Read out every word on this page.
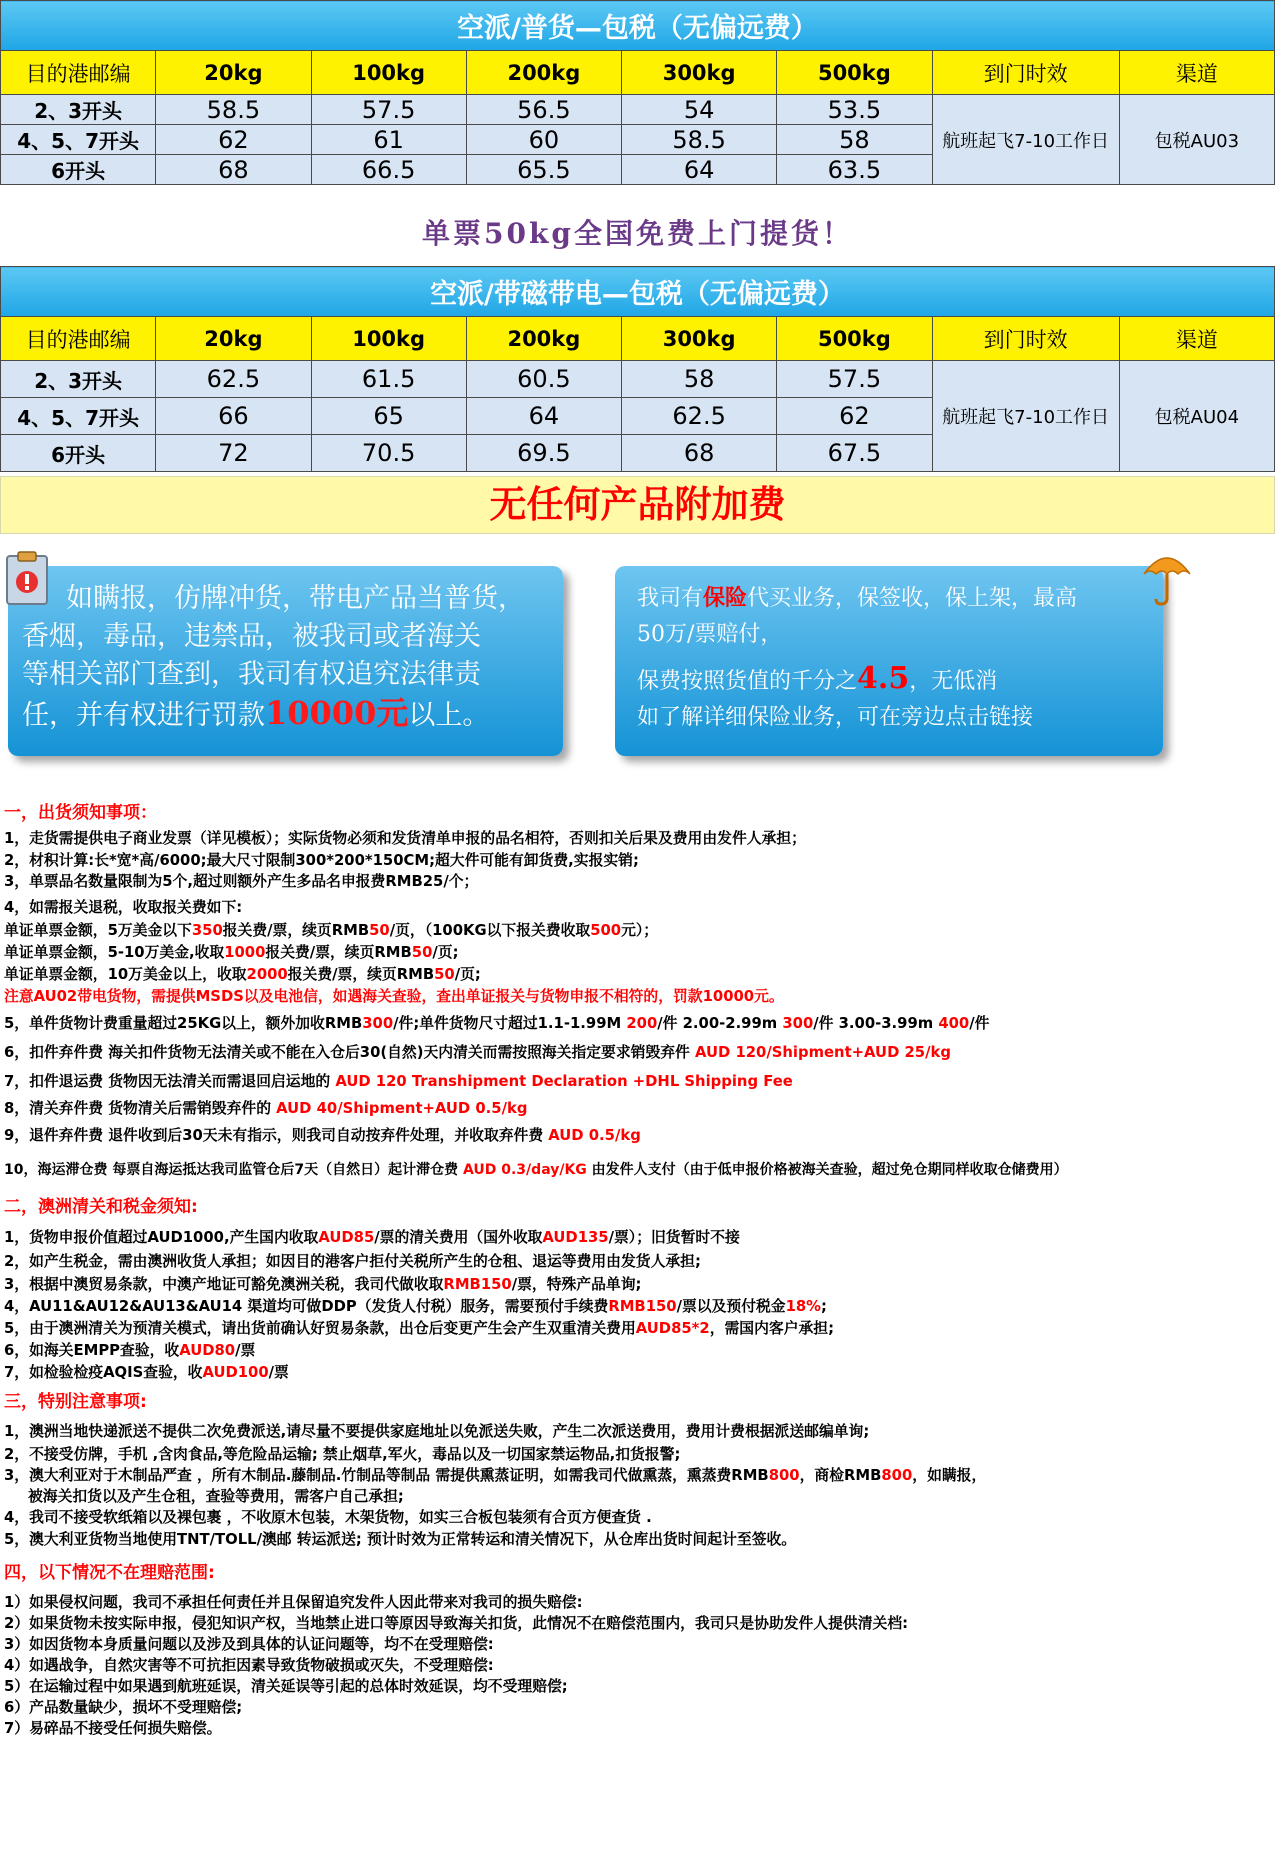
空派/普货—包税（无偏远费）							
目的港邮编	20kg	100kg	200kg	300kg	500kg	到门时效	渠道
2、3开头	58.5	57.5	56.5	54	53.5	航班起飞7-10工作日	包税AU03
4、5、7开头	62	61	60	58.5	58		
6开头	68	66.5	65.5	64	63.5		
单票50kg全国免费上门提货！
空派/带磁带电—包税（无偏远费）							
目的港邮编	20kg	100kg	200kg	300kg	500kg	到门时效	渠道
2、3开头	62.5	61.5	60.5	58	57.5	航班起飞7-10工作日	包税AU04
4、5、7开头	66	65	64	62.5	62		
6开头	72	70.5	69.5	68	67.5		
无任何产品附加费
如瞒报，仿牌冲货，带电产品当普货，
香烟，毒品，违禁品，被我司或者海关
等相关部门查到，我司有权追究法律责
任，并有权进行罚款10000元以上。
我司有保险代买业务，保签收，保上架，最高
50万/票赔付，
保费按照货值的千分之4.5，无低消
如了解详细保险业务，可在旁边点击链接
一，出货须知事项：
1，走货需提供电子商业发票（详见模板）；实际货物必须和发货清单申报的品名相符，否则扣关后果及费用由发件人承担；
2，材积计算:长*宽*高/6000;最大尺寸限制300*200*150CM;超大件可能有卸货费,实报实销;
3，单票品名数量限制为5个,超过则额外产生多品名申报费RMB25/个；
4，如需报关退税，收取报关费如下:
单证单票金额，5万美金以下350报关费/票，续页RMB50/页，（100KG以下报关费收取500元）；
单证单票金额，5-10万美金,收取1000报关费/票，续页RMB50/页;
单证单票金额，10万美金以上，收取2000报关费/票，续页RMB50/页;
注意AU02带电货物，需提供MSDS以及电池信，如遇海关查验，查出单证报关与货物申报不相符的，罚款10000元。
5，单件货物计费重量超过25KG以上，额外加收RMB300/件;单件货物尺寸超过1.1-1.99M 200/件 2.00-2.99m 300/件 3.00-3.99m 400/件
6，扣件弃件费 海关扣件货物无法清关或不能在入仓后30(自然)天内清关而需按照海关指定要求销毁弃件 AUD 120/Shipment+AUD 25/kg
7，扣件退运费 货物因无法清关而需退回启运地的 AUD 120 Transhipment Declaration +DHL Shipping Fee
8，清关弃件费 货物清关后需销毁弃件的 AUD 40/Shipment+AUD 0.5/kg
9，退件弃件费 退件收到后30天未有指示，则我司自动按弃件处理，并收取弃件费 AUD 0.5/kg
10，海运滞仓费 每票自海运抵达我司监管仓后7天（自然日）起计滞仓费 AUD 0.3/day/KG 由发件人支付（由于低申报价格被海关查验，超过免仓期同样收取仓储费用）
二，澳洲清关和税金须知:
1，货物申报价值超过AUD1000,产生国内收取AUD85/票的清关费用（国外收取AUD135/票）；旧货暂时不接
2，如产生税金，需由澳洲收货人承担；如因目的港客户拒付关税所产生的仓租、退运等费用由发货人承担;
3，根据中澳贸易条款，中澳产地证可豁免澳洲关税，我司代做收取RMB150/票，特殊产品单询;
4，AU11&AU12&AU13&AU14 渠道均可做DDP（发货人付税）服务，需要预付手续费RMB150/票以及预付税金18%;
5，由于澳洲清关为预清关模式，请出货前确认好贸易条款，出仓后变更产生会产生双重清关费用AUD85*2，需国内客户承担;
6，如海关EMPP查验，收AUD80/票
7，如检验检疫AQIS查验，收AUD100/票
三，特别注意事项:
1，澳洲当地快递派送不提供二次免费派送,请尽量不要提供家庭地址以免派送失败，产生二次派送费用，费用计费根据派送邮编单询;
2，不接受仿牌，手机 ,含肉食品,等危险品运输; 禁止烟草,军火，毒品以及一切国家禁运物品,扣货报警;
3，澳大利亚对于木制品严查 ，所有木制品.藤制品.竹制品等制品 需提供熏蒸证明，如需我司代做熏蒸，熏蒸费RMB800，商检RMB800，如瞒报，
被海关扣货以及产生仓租，查验等费用，需客户自己承担;
4，我司不接受软纸箱以及裸包裹 ，不收原木包装，木架货物，如实三合板包装须有合页方便查货 .
5，澳大利亚货物当地使用TNT/TOLL/澳邮 转运派送; 预计时效为正常转运和清关情况下，从仓库出货时间起计至签收。
四，以下情况不在理赔范围:
1）如果侵权问题，我司不承担任何责任并且保留追究发件人因此带来对我司的损失赔偿:
2）如果货物未按实际申报，侵犯知识产权，当地禁止进口等原因导致海关扣货，此情况不在赔偿范围内，我司只是协助发件人提供清关档:
3）如因货物本身质量问题以及涉及到具体的认证问题等，均不在受理赔偿:
4）如遇战争，自然灾害等不可抗拒因素导致货物破损或灭失，不受理赔偿:
5）在运输过程中如果遇到航班延误，清关延误等引起的总体时效延误，均不受理赔偿;
6）产品数量缺少，损坏不受理赔偿;
7）易碎品不接受任何损失赔偿。
